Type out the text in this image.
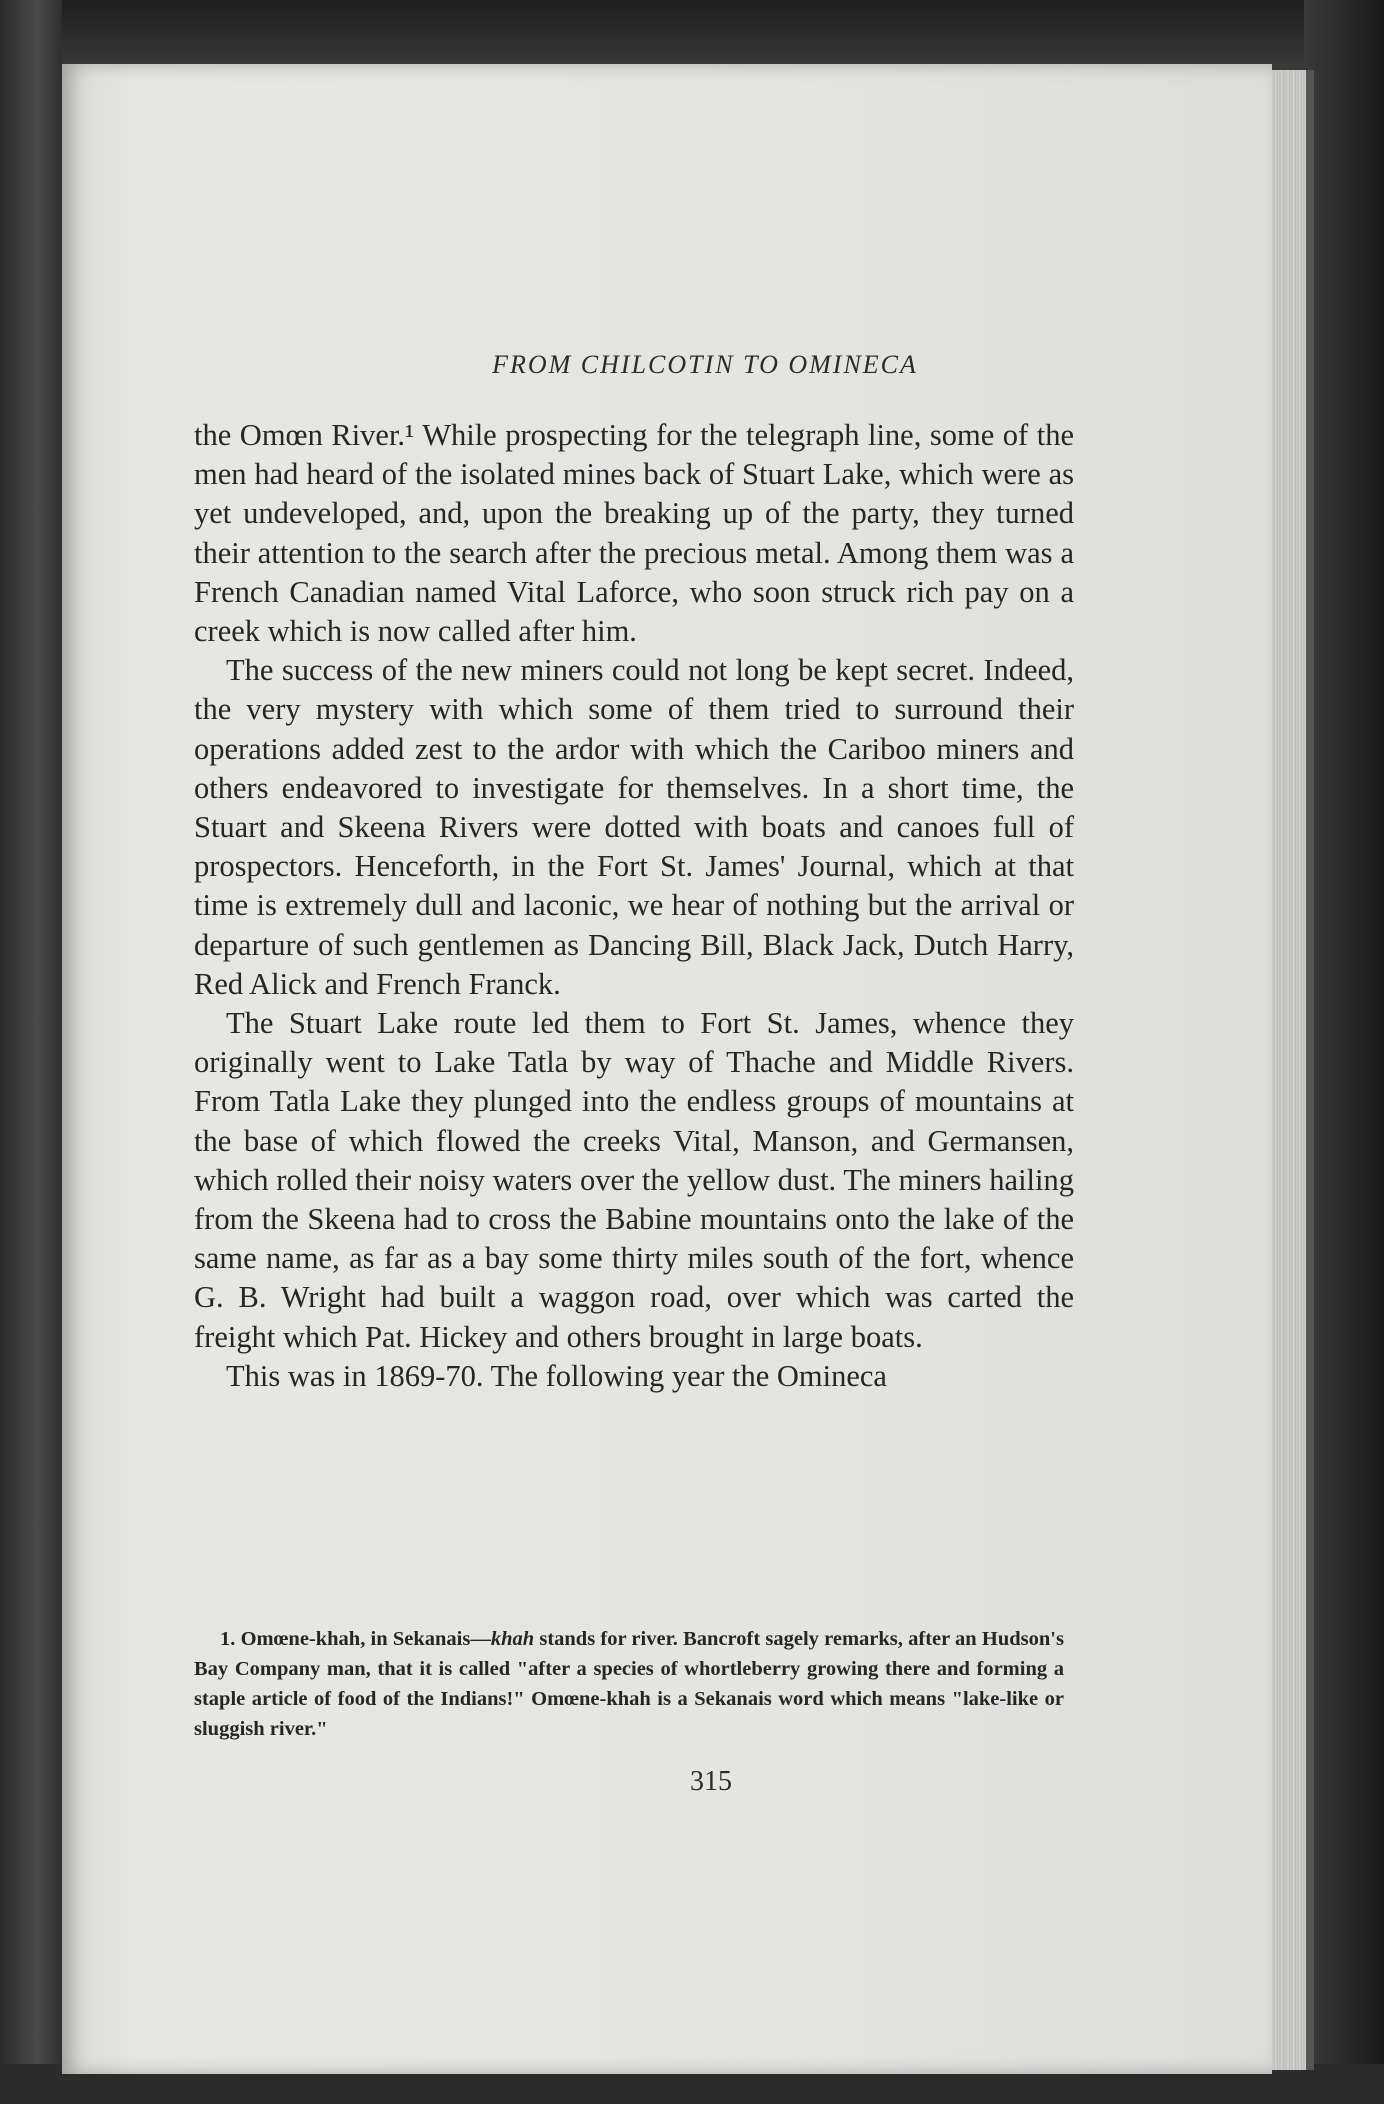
FROM CHILCOTIN TO OMINECA

the Omœn River.¹ While prospecting for the telegraph line, some of the men had heard of the isolated mines back of Stuart Lake, which were as yet undeveloped, and, upon the breaking up of the party, they turned their attention to the search after the precious metal. Among them was a French Canadian named Vital Laforce, who soon struck rich pay on a creek which is now called after him.

The success of the new miners could not long be kept secret. Indeed, the very mystery with which some of them tried to surround their operations added zest to the ardor with which the Cariboo miners and others endeavored to investigate for themselves. In a short time, the Stuart and Skeena Rivers were dotted with boats and canoes full of prospectors. Henceforth, in the Fort St. James' Journal, which at that time is extremely dull and laconic, we hear of nothing but the arrival or departure of such gentlemen as Dancing Bill, Black Jack, Dutch Harry, Red Alick and French Franck.

The Stuart Lake route led them to Fort St. James, whence they originally went to Lake Tatla by way of Thache and Middle Rivers. From Tatla Lake they plunged into the endless groups of mountains at the base of which flowed the creeks Vital, Manson, and Germansen, which rolled their noisy waters over the yellow dust. The miners hailing from the Skeena had to cross the Babine mountains onto the lake of the same name, as far as a bay some thirty miles south of the fort, whence G. B. Wright had built a waggon road, over which was carted the freight which Pat. Hickey and others brought in large boats.

This was in 1869-70. The following year the Omineca

1. Omœne-khah, in Sekanais—khah stands for river. Bancroft sagely remarks, after an Hudson's Bay Company man, that it is called "after a species of whortleberry growing there and forming a staple article of food of the Indians!" Omœne-khah is a Sekanais word which means "lake-like or sluggish river."

315
